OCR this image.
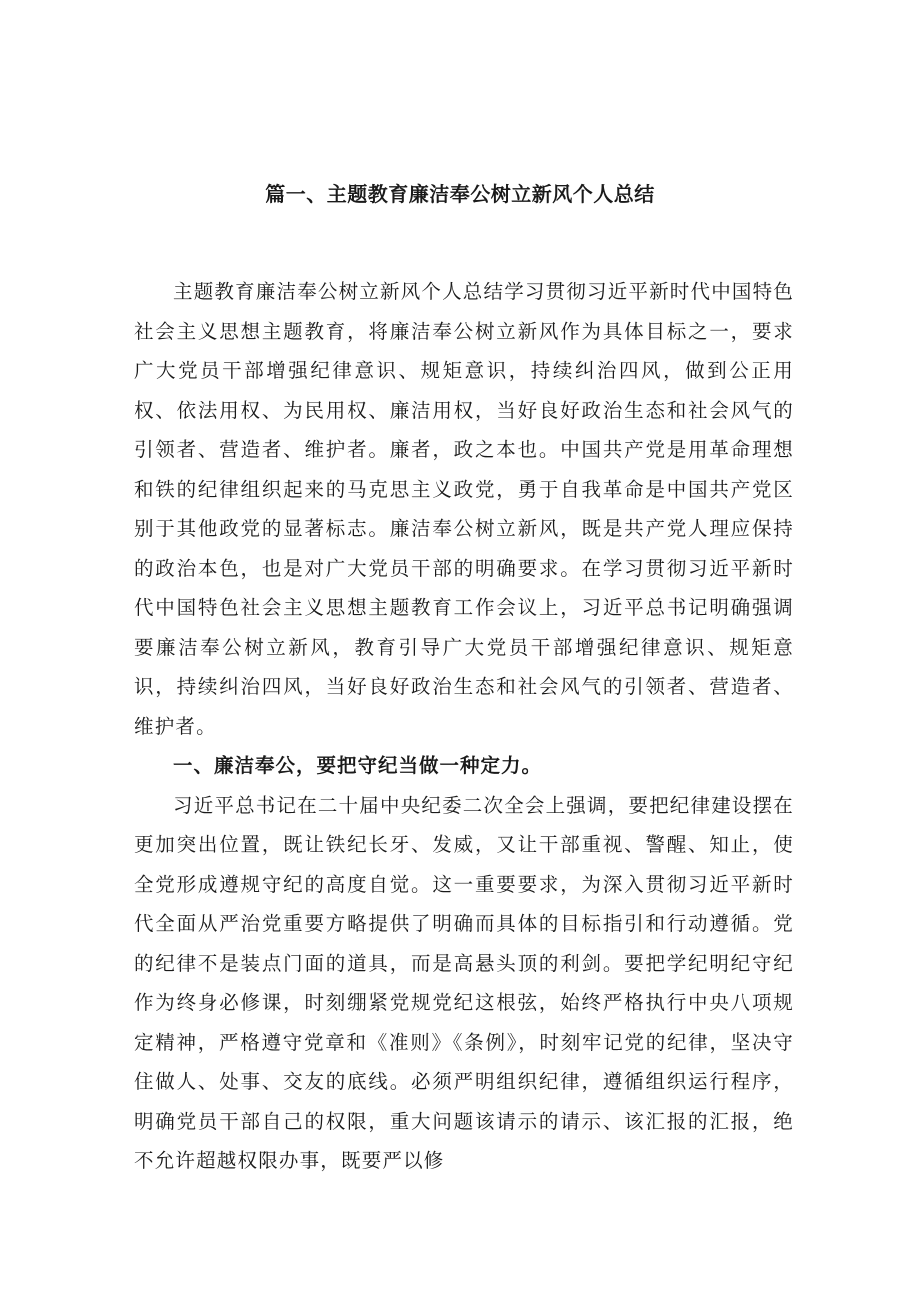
篇一、主题教育廉洁奉公树立新风个人总结

主题教育廉洁奉公树立新风个人总结学习贯彻习近平新时代中国特色社会主义思想主题教育，将廉洁奉公树立新风作为具体目标之一，要求广大党员干部增强纪律意识、规矩意识，持续纠治四风，做到公正用权、依法用权、为民用权、廉洁用权，当好良好政治生态和社会风气的引领者、营造者、维护者。廉者，政之本也。中国共产党是用革命理想和铁的纪律组织起来的马克思主义政党，勇于自我革命是中国共产党区别于其他政党的显著标志。廉洁奉公树立新风，既是共产党人理应保持的政治本色，也是对广大党员干部的明确要求。在学习贯彻习近平新时代中国特色社会主义思想主题教育工作会议上，习近平总书记明确强调要廉洁奉公树立新风，教育引导广大党员干部增强纪律意识、规矩意识，持续纠治四风，当好良好政治生态和社会风气的引领者、营造者、维护者。

一、廉洁奉公，要把守纪当做一种定力。

习近平总书记在二十届中央纪委二次全会上强调，要把纪律建设摆在更加突出位置，既让铁纪长牙、发威，又让干部重视、警醒、知止，使全党形成遵规守纪的高度自觉。这一重要要求，为深入贯彻习近平新时代全面从严治党重要方略提供了明确而具体的目标指引和行动遵循。党的纪律不是装点门面的道具，而是高悬头顶的利剑。要把学纪明纪守纪作为终身必修课，时刻绷紧党规党纪这根弦，始终严格执行中央八项规定精神，严格遵守党章和《准则》《条例》，时刻牢记党的纪律，坚决守住做人、处事、交友的底线。必须严明组织纪律，遵循组织运行程序，明确党员干部自己的权限，重大问题该请示的请示、该汇报的汇报，绝不允许超越权限办事，既要严以修
